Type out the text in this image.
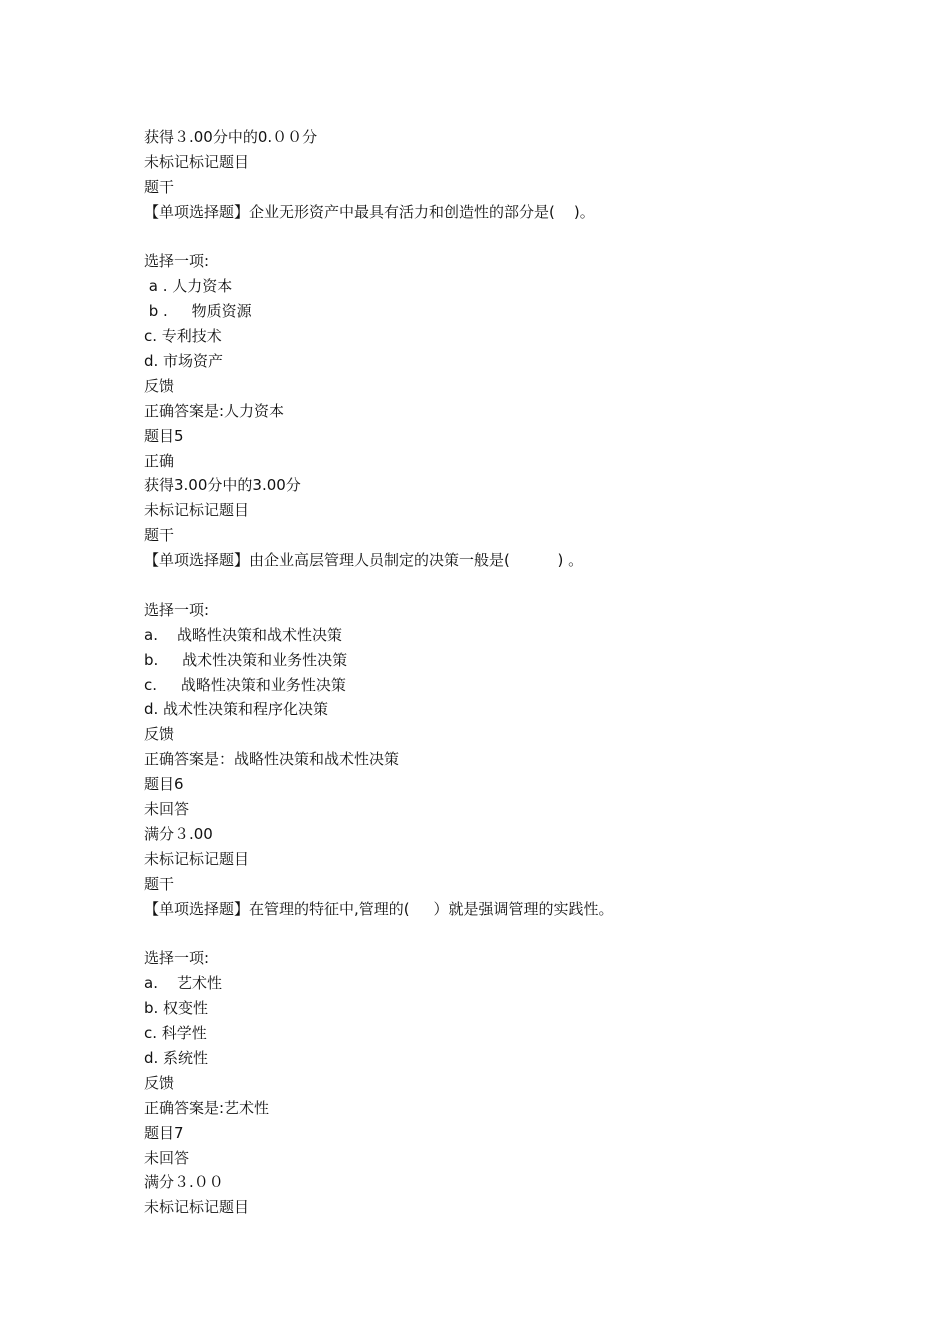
获得３.00分中的0.００分
未标记标记题目
题干
【单项选择题】企业无形资产中最具有活力和创造性的部分是(    )。
选择一项:
a . 人力资本
b .     物质资源
c. 专利技术
d. 市场资产
反馈
正确答案是:人力资本
题目5
正确
获得3.00分中的3.00分
未标记标记题目
题干
【单项选择题】由企业高层管理人员制定的决策一般是(          ) 。
选择一项:
a.    战略性决策和战术性决策
b.     战术性决策和业务性决策
c.     战略性决策和业务性决策
d. 战术性决策和程序化决策
反馈
正确答案是：战略性决策和战术性决策
题目6
未回答
满分３.00
未标记标记题目
题干
【单项选择题】在管理的特征中,管理的(     ）就是强调管理的实践性。
选择一项:
a.    艺术性
b. 权变性
c. 科学性
d. 系统性
反馈
正确答案是:艺术性
题目7
未回答
满分３.００
未标记标记题目
